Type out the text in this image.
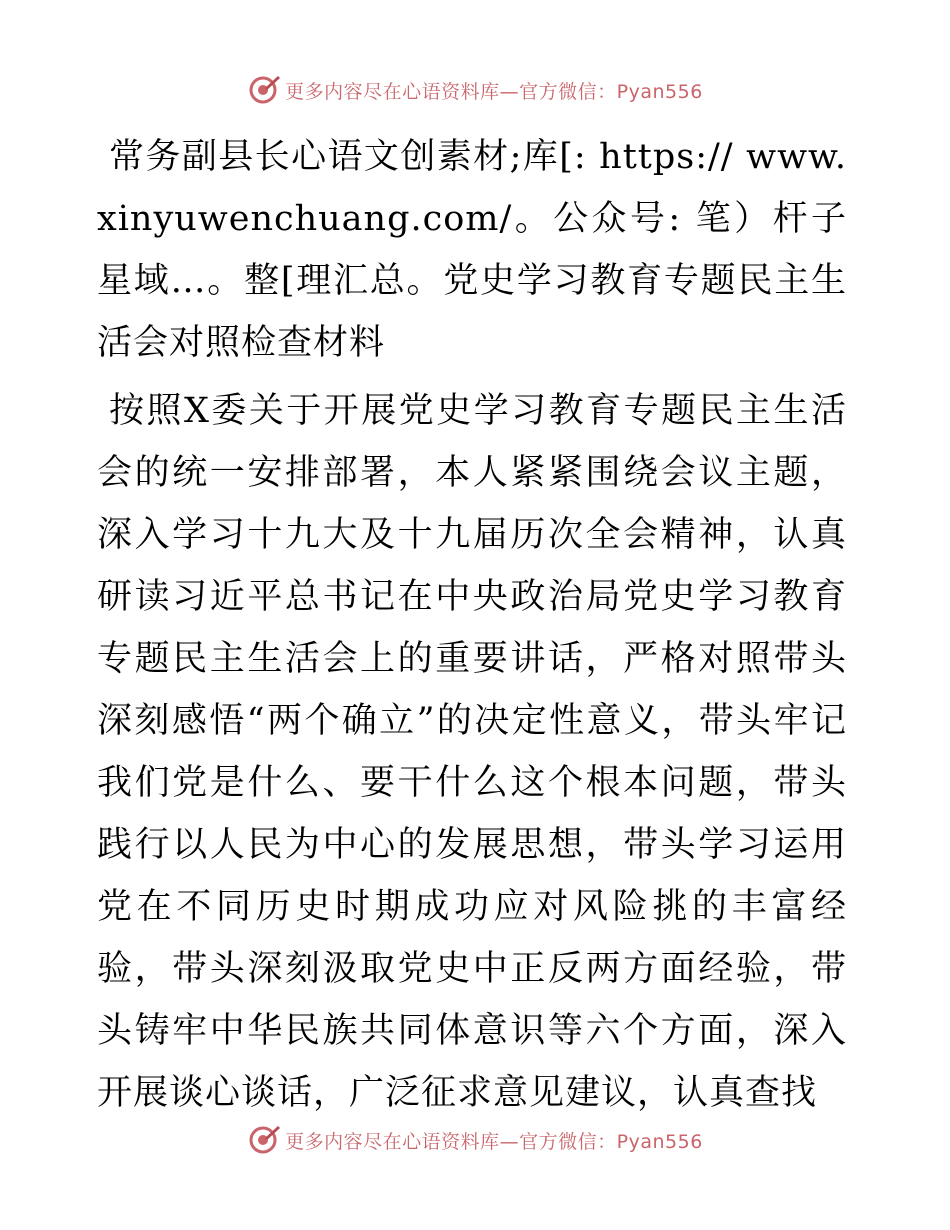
更多内容尽在心语资料库—官方微信：Pyan556

常务副县长心语文创素材;库[: https:// www.xinyuwenchuang.com/。公众号: 笔）杆子星域…。整[理汇总。党史学习教育专题民主生活会对照检查材料

按照X委关于开展党史学习教育专题民主生活会的统一安排部署，本人紧紧围绕会议主题，深入学习十九大及十九届历次全会精神，认真研读习近平总书记在中央政治局党史学习教育专题民主生活会上的重要讲话，严格对照带头深刻感悟“两个确立”的决定性意义，带头牢记我们党是什么、要干什么这个根本问题，带头践行以人民为中心的发展思想，带头学习运用党在不同历史时期成功应对风险挑的丰富经验，带头深刻汲取党史中正反两方面经验，带头铸牢中华民族共同体意识等六个方面，深入开展谈心谈话，广泛征求意见建议，认真查找

更多内容尽在心语资料库—官方微信：Pyan556
